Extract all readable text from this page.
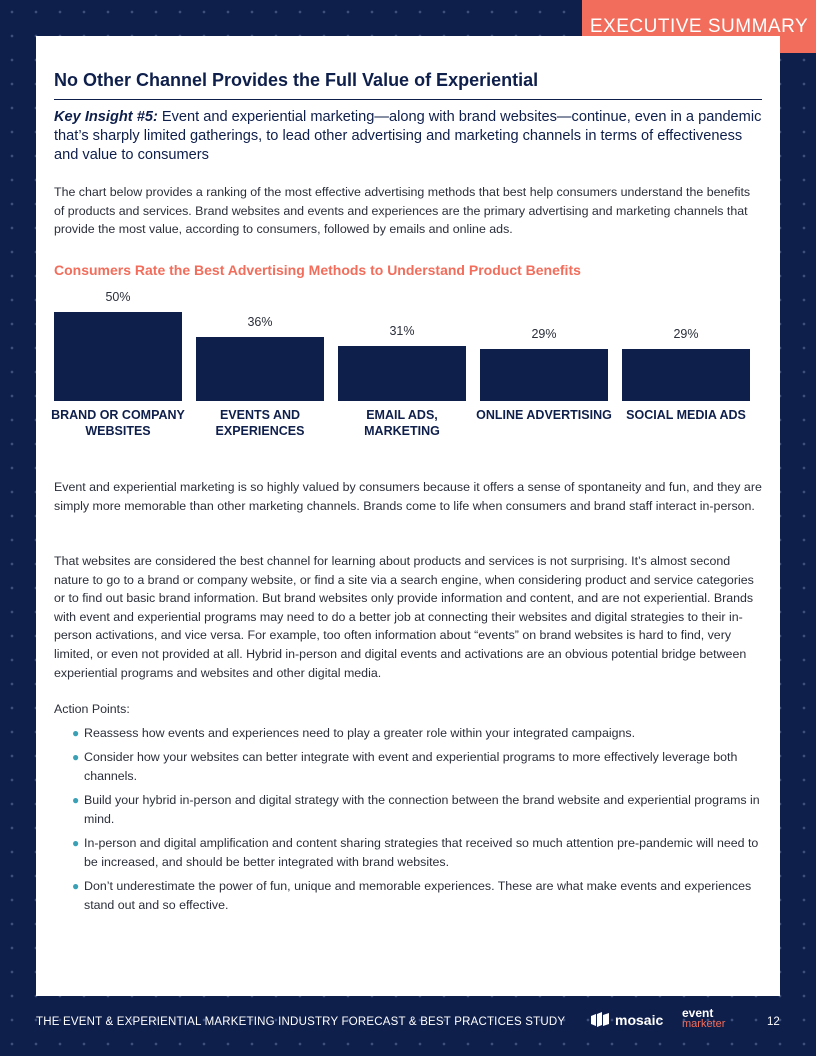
EXECUTIVE SUMMARY
No Other Channel Provides the Full Value of Experiential

Key Insight #5: Event and experiential marketing—along with brand websites—continue, even in a pandemic that’s sharply limited gatherings, to lead other advertising and marketing channels in terms of effectiveness and value to consumers

The chart below provides a ranking of the most effective advertising methods that best help consumers understand the benefits of products and services. Brand websites and events and experiences are the primary advertising and marketing channels that provide the most value, according to consumers, followed by emails and online ads.

Consumers Rate the Best Advertising Methods to Understand Product Benefits
50%
BRAND OR COMPANY WEBSITES
36%
EVENTS AND EXPERIENCES
31%
EMAIL ADS, MARKETING
29%
ONLINE ADVERTISING
29%
SOCIAL MEDIA ADS

Event and experiential marketing is so highly valued by consumers because it offers a sense of spontaneity and fun, and they are simply more memorable than other marketing channels. Brands come to life when consumers and brand staff interact in-person.

That websites are considered the best channel for learning about products and services is not surprising. It’s almost second nature to go to a brand or company website, or find a site via a search engine, when considering product and service categories or to find out basic brand information. But brand websites only provide information and content, and are not experiential. Brands with event and experiential programs may need to do a better job at connecting their websites and digital strategies to their in-person activations, and vice versa. For example, too often information about “events” on brand websites is hard to find, very limited, or even not provided at all. Hybrid in-person and digital events and activations are an obvious potential bridge between experiential programs and websites and other digital media.

Action Points:

● Reassess how events and experiences need to play a greater role within your integrated campaigns.
● Consider how your websites can better integrate with event and experiential programs to more effectively leverage both channels.
● Build your hybrid in-person and digital strategy with the connection between the brand website and experiential programs in mind.
● In-person and digital amplification and content sharing strategies that received so much attention pre-pandemic will need to be increased, and should be better integrated with brand websites.
● Don’t underestimate the power of fun, unique and memorable experiences. These are what make events and experiences stand out and so effective.
THE EVENT & EXPERIENTIAL MARKETING INDUSTRY FORECAST & BEST PRACTICES STUDY	mosaic event
marketer	12
